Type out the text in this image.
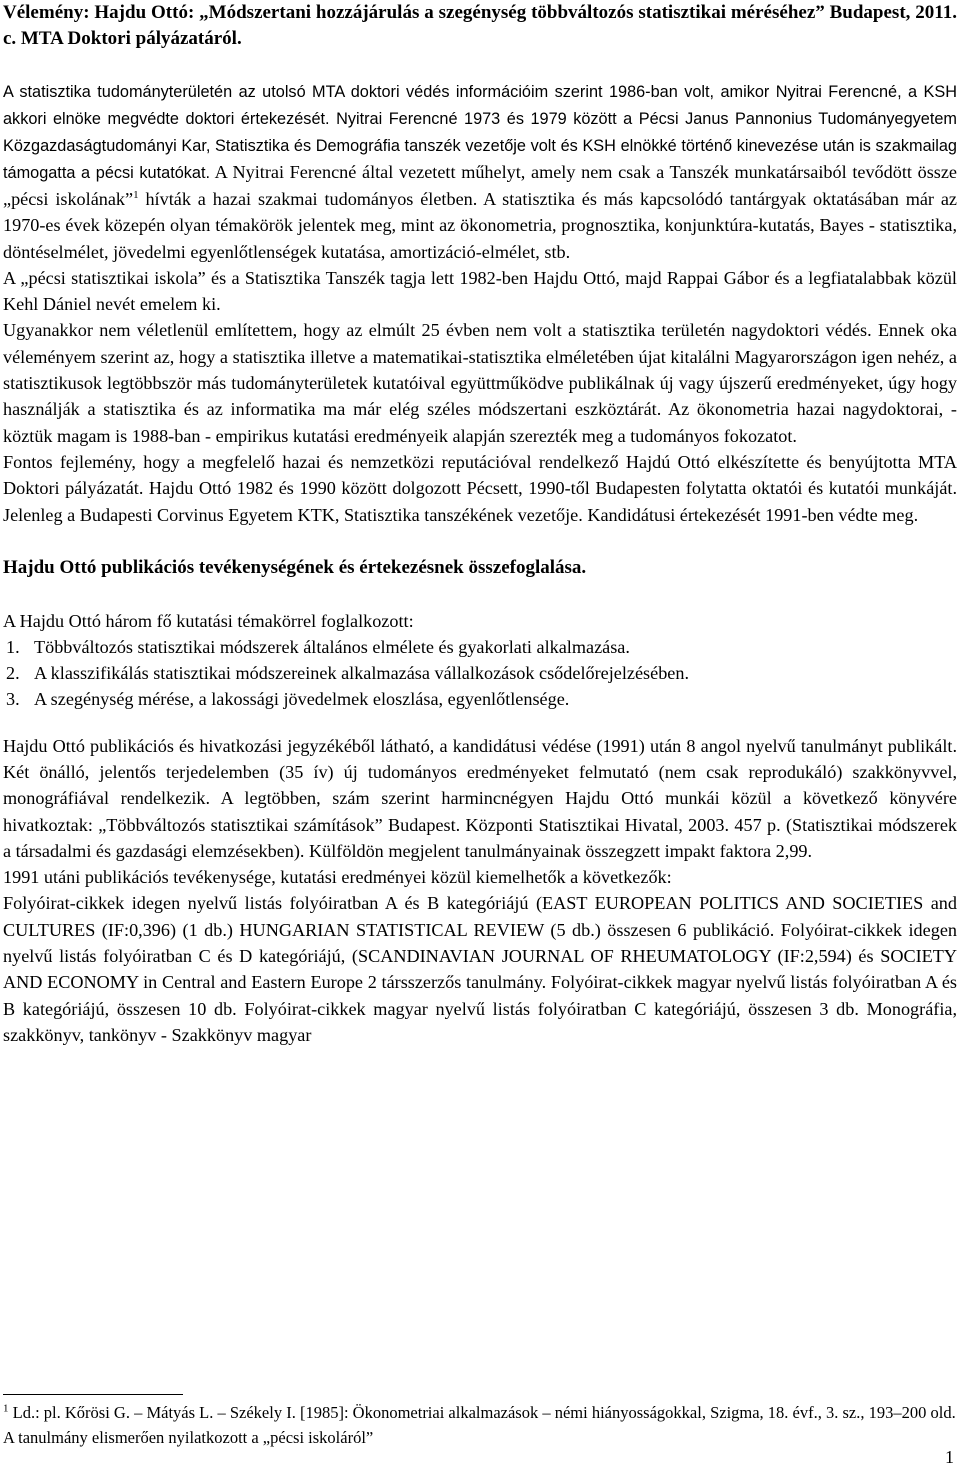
Vélemény: Hajdu Ottó: „Módszertani hozzájárulás a szegénység többváltozós statisztikai méréséhez” Budapest, 2011. c. MTA Doktori pályázatáról.

A statisztika tudományterületén az utolsó MTA doktori védés információim szerint 1986-ban volt, amikor Nyitrai Ferencné, a KSH akkori elnöke megvédte doktori értekezését. Nyitrai Ferencné 1973 és 1979 között a Pécsi Janus Pannonius Tudományegyetem Közgazdaságtudományi Kar, Statisztika és Demográfia tanszék vezetője volt és KSH elnökké történő kinevezése után is szakmailag támogatta a pécsi kutatókat. A Nyitrai Ferencné által vezetett műhelyt, amely nem csak a Tanszék munkatársaiból tevődött össze „pécsi iskolának”$^1$ hívták a hazai szakmai tudományos életben. A statisztika és más kapcsolódó tantárgyak oktatásában már az 1970-es évek közepén olyan témakörök jelentek meg, mint az ökonometria, prognosztika, konjunktúra-kutatás, Bayes - statisztika, döntéselmélet, jövedelmi egyenlőtlenségek kutatása, amortizáció-elmélet, stb.

A „pécsi statisztikai iskola” és a Statisztika Tanszék tagja lett 1982-ben Hajdu Ottó, majd Rappai Gábor és a legfiatalabbak közül Kehl Dániel nevét emelem ki.

Ugyanakkor nem véletlenül említettem, hogy az elmúlt 25 évben nem volt a statisztika területén nagydoktori védés. Ennek oka véleményem szerint az, hogy a statisztika illetve a matematikai-statisztika elméletében újat kitalálni Magyarországon igen nehéz, a statisztikusok legtöbbször más tudományterületek kutatóival együttműködve publikálnak új vagy újszerű eredményeket, úgy hogy használják a statisztika és az informatika ma már elég széles módszertani eszköztárát. Az ökonometria hazai nagydoktorai, - köztük magam is 1988-ban - empirikus kutatási eredményeik alapján szerezték meg a tudományos fokozatot.

Fontos fejlemény, hogy a megfelelő hazai és nemzetközi reputációval rendelkező Hajdú Ottó elkészítette és benyújtotta MTA Doktori pályázatát. Hajdu Ottó 1982 és 1990 között dolgozott Pécsett, 1990-től Budapesten folytatta oktatói és kutatói munkáját. Jelenleg a Budapesti Corvinus Egyetem KTK, Statisztika tanszékének vezetője. Kandidátusi értekezését 1991-ben védte meg.

Hajdu Ottó publikációs tevékenységének és értekezésnek összefoglalása.

A Hajdu Ottó három fő kutatási témakörrel foglalkozott:

1. Többváltozós statisztikai módszerek általános elmélete és gyakorlati alkalmazása.
2. A klasszifikálás statisztikai módszereinek alkalmazása vállalkozások csődelőrejelzésében.
3. A szegénység mérése, a lakossági jövedelmek eloszlása, egyenlőtlensége.

Hajdu Ottó publikációs és hivatkozási jegyzékéből látható, a kandidátusi védése (1991) után 8 angol nyelvű tanulmányt publikált. Két önálló, jelentős terjedelemben (35 ív) új tudományos eredményeket felmutató (nem csak reprodukáló) szakkönyvvel, monográfiával rendelkezik. A legtöbben, szám szerint harmincnégyen Hajdu Ottó munkái közül a következő könyvére hivatkoztak: „Többváltozós statisztikai számítások” Budapest. Központi Statisztikai Hivatal, 2003. 457 p. (Statisztikai módszerek a társadalmi és gazdasági elemzésekben). Külföldön megjelent tanulmányainak összegzett impakt faktora 2,99.

1991 utáni publikációs tevékenysége, kutatási eredményei közül kiemelhetők a következők:

Folyóirat-cikkek idegen nyelvű listás folyóiratban A és B kategóriájú (EAST EUROPEAN POLITICS AND SOCIETIES and CULTURES (IF:0,396) (1 db.) HUNGARIAN STATISTICAL REVIEW (5 db.) összesen 6 publikáció. Folyóirat-cikkek idegen nyelvű listás folyóiratban C és D kategóriájú, (SCANDINAVIAN JOURNAL OF RHEUMATOLOGY (IF:2,594) és SOCIETY AND ECONOMY in Central and Eastern Europe 2 társszerzős tanulmány. Folyóirat-cikkek magyar nyelvű listás folyóiratban A és B kategóriájú, összesen 10 db. Folyóirat-cikkek magyar nyelvű listás folyóiratban C kategóriájú, összesen 3 db. Monográfia, szakkönyv, tankönyv - Szakkönyv magyar

$^1$ Ld.: pl. Kőrösi G. – Mátyás L. – Székely I. [1985]: Ökonometriai alkalmazások – némi hiányosságokkal, Szigma, 18. évf., 3. sz., 193–200 old. A tanulmány elismerően nyilatkozott a „pécsi iskoláról”

1
